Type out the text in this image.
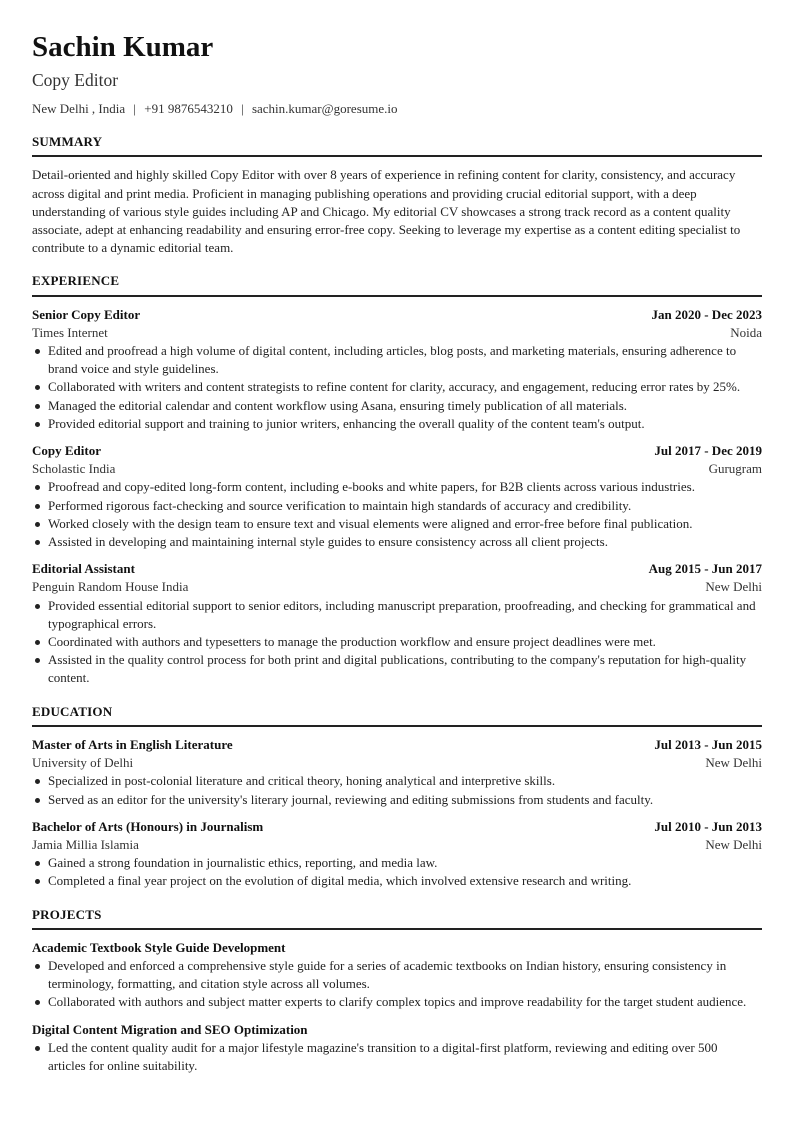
Sachin Kumar
Copy Editor
New Delhi , India | +91 9876543210 | sachin.kumar@goresume.io
SUMMARY
Detail-oriented and highly skilled Copy Editor with over 8 years of experience in refining content for clarity, consistency, and accuracy across digital and print media. Proficient in managing publishing operations and providing crucial editorial support, with a deep understanding of various style guides including AP and Chicago. My editorial CV showcases a strong track record as a content quality associate, adept at enhancing readability and ensuring error-free copy. Seeking to leverage my expertise as a content editing specialist to contribute to a dynamic editorial team.
EXPERIENCE
Senior Copy Editor	Jan 2020 - Dec 2023
Times Internet	Noida
Edited and proofread a high volume of digital content, including articles, blog posts, and marketing materials, ensuring adherence to brand voice and style guidelines.
Collaborated with writers and content strategists to refine content for clarity, accuracy, and engagement, reducing error rates by 25%.
Managed the editorial calendar and content workflow using Asana, ensuring timely publication of all materials.
Provided editorial support and training to junior writers, enhancing the overall quality of the content team's output.
Copy Editor	Jul 2017 - Dec 2019
Scholastic India	Gurugram
Proofread and copy-edited long-form content, including e-books and white papers, for B2B clients across various industries.
Performed rigorous fact-checking and source verification to maintain high standards of accuracy and credibility.
Worked closely with the design team to ensure text and visual elements were aligned and error-free before final publication.
Assisted in developing and maintaining internal style guides to ensure consistency across all client projects.
Editorial Assistant	Aug 2015 - Jun 2017
Penguin Random House India	New Delhi
Provided essential editorial support to senior editors, including manuscript preparation, proofreading, and checking for grammatical and typographical errors.
Coordinated with authors and typesetters to manage the production workflow and ensure project deadlines were met.
Assisted in the quality control process for both print and digital publications, contributing to the company's reputation for high-quality content.
EDUCATION
Master of Arts in English Literature	Jul 2013 - Jun 2015
University of Delhi	New Delhi
Specialized in post-colonial literature and critical theory, honing analytical and interpretive skills.
Served as an editor for the university's literary journal, reviewing and editing submissions from students and faculty.
Bachelor of Arts (Honours) in Journalism	Jul 2010 - Jun 2013
Jamia Millia Islamia	New Delhi
Gained a strong foundation in journalistic ethics, reporting, and media law.
Completed a final year project on the evolution of digital media, which involved extensive research and writing.
PROJECTS
Academic Textbook Style Guide Development
Developed and enforced a comprehensive style guide for a series of academic textbooks on Indian history, ensuring consistency in terminology, formatting, and citation style across all volumes.
Collaborated with authors and subject matter experts to clarify complex topics and improve readability for the target student audience.
Digital Content Migration and SEO Optimization
Led the content quality audit for a major lifestyle magazine's transition to a digital-first platform, reviewing and editing over 500 articles for online suitability.
